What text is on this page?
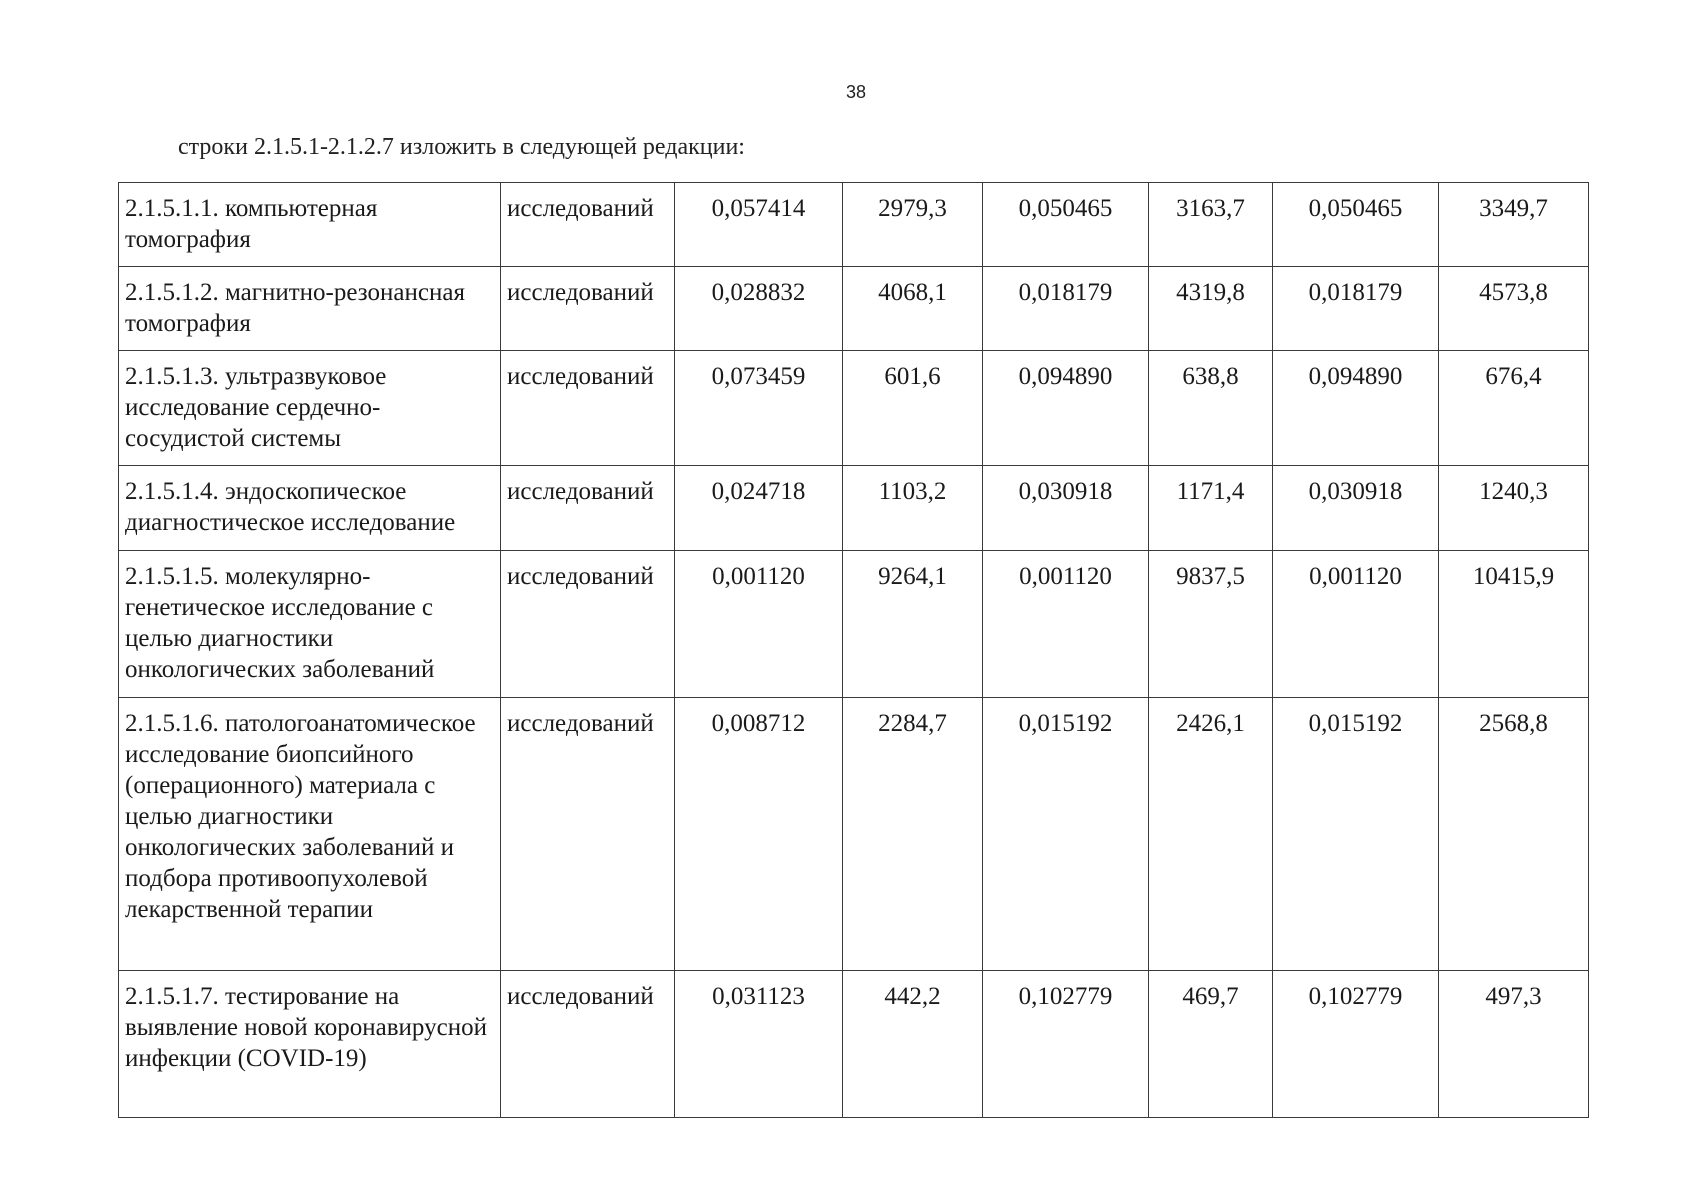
38
строки 2.1.5.1-2.1.2.7 изложить в следующей редакции:
2.1.5.1.1. компьютерная томография	исследований	0,057414	2979,3	0,050465	3163,7	0,050465	3349,7
2.1.5.1.2. магнитно-резонансная томография	исследований	0,028832	4068,1	0,018179	4319,8	0,018179	4573,8
2.1.5.1.3. ультразвуковое исследование сердечно-сосудистой системы	исследований	0,073459	601,6	0,094890	638,8	0,094890	676,4
2.1.5.1.4. эндоскопическое диагностическое исследование	исследований	0,024718	1103,2	0,030918	1171,4	0,030918	1240,3
2.1.5.1.5. молекулярно-генетическое исследование с целью диагностики онкологических заболеваний	исследований	0,001120	9264,1	0,001120	9837,5	0,001120	10415,9
2.1.5.1.6. патологоанатомическое исследование биопсийного (операционного) материала с целью диагностики онкологических заболеваний и подбора противоопухолевой лекарственной терапии	исследований	0,008712	2284,7	0,015192	2426,1	0,015192	2568,8
2.1.5.1.7. тестирование на выявление новой коронавирусной инфекции (COVID-19)	исследований	0,031123	442,2	0,102779	469,7	0,102779	497,3
